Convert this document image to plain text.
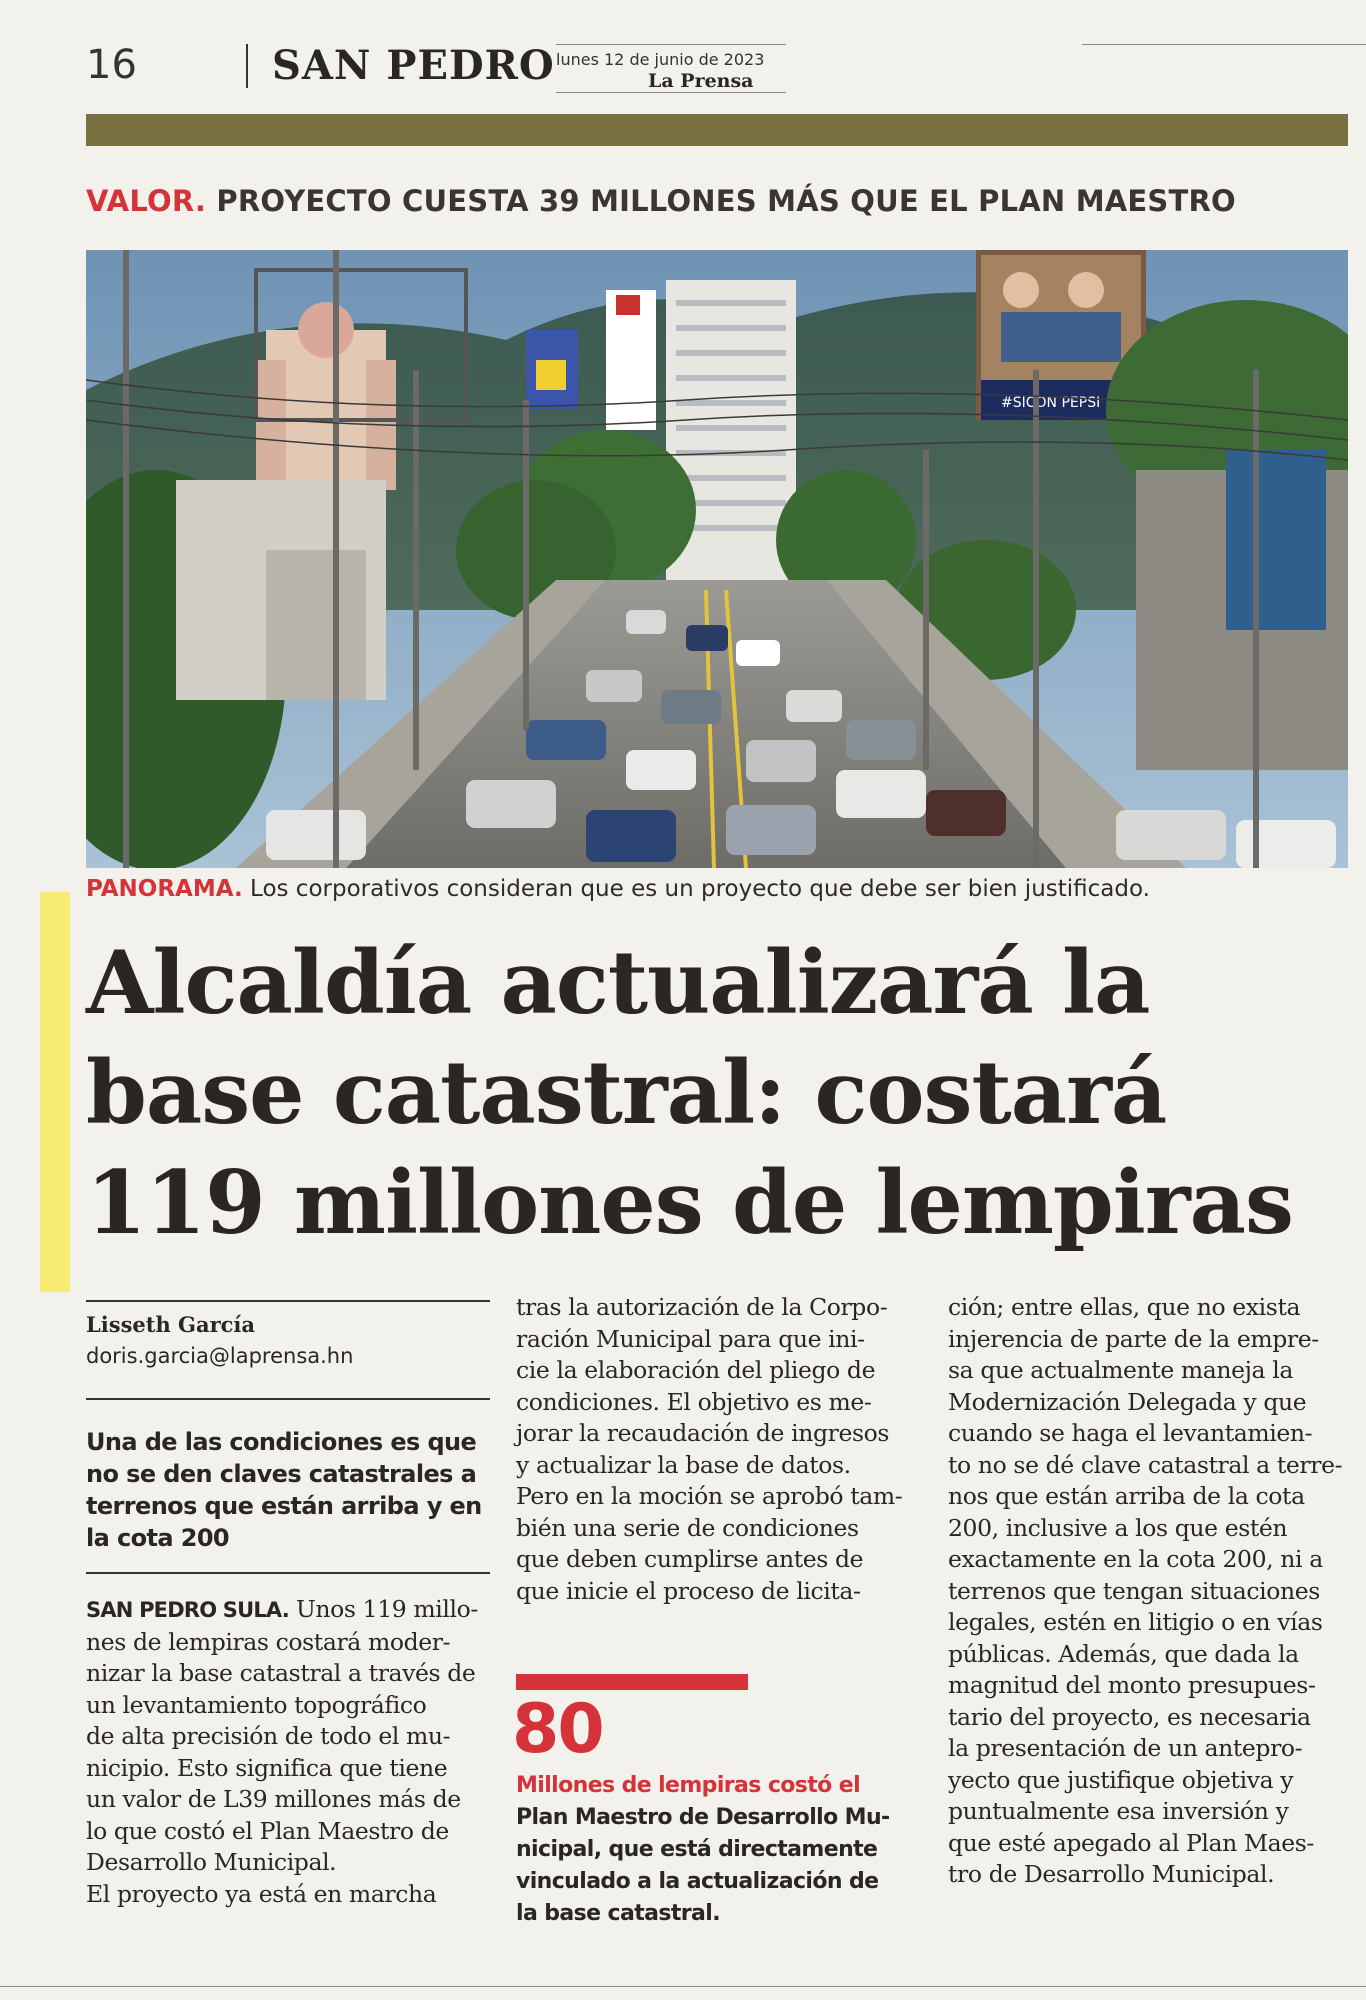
16	SAN PEDRO lunes 12 de junio de 2023
La Prensa
VALOR. PROYECTO CUESTA 39 MILLONES MÁS QUE EL PLAN MAESTRO
#SICON PEPSI
PANORAMA. Los corporativos consideran que es un proyecto que debe ser bien justificado.
Alcaldía actualizará la
base catastral: costará
119 millones de lempiras
Lisseth García
doris.garcia@laprensa.hn
Una de las condiciones es que
no se den claves catastrales a
terrenos que están arriba y en
la cota 200
SAN PEDRO SULA. Unos 119 millo-
nes de lempiras costará moder-
nizar la base catastral a través de
un levantamiento topográfico
de alta precisión de todo el mu-
nicipio. Esto significa que tiene
un valor de L39 millones más de
lo que costó el Plan Maestro de
Desarrollo Municipal.
El proyecto ya está en marcha
tras la autorización de la Corpo-
ración Municipal para que ini-
cie la elaboración del pliego de
condiciones. El objetivo es me-
jorar la recaudación de ingresos
y actualizar la base de datos.
Pero en la moción se aprobó tam-
bién una serie de condiciones
que deben cumplirse antes de
que inicie el proceso de licita-
80
Millones de lempiras costó el
Plan Maestro de Desarrollo Mu-
nicipal, que está directamente
vinculado a la actualización de
la base catastral.
ción; entre ellas, que no exista
injerencia de parte de la empre-
sa que actualmente maneja la
Modernización Delegada y que
cuando se haga el levantamien-
to no se dé clave catastral a terre-
nos que están arriba de la cota
200, inclusive a los que estén
exactamente en la cota 200, ni a
terrenos que tengan situaciones
legales, estén en litigio o en vías
públicas. Además, que dada la
magnitud del monto presupues-
tario del proyecto, es necesaria
la presentación de un antepro-
yecto que justifique objetiva y
puntualmente esa inversión y
que esté apegado al Plan Maes-
tro de Desarrollo Municipal.
